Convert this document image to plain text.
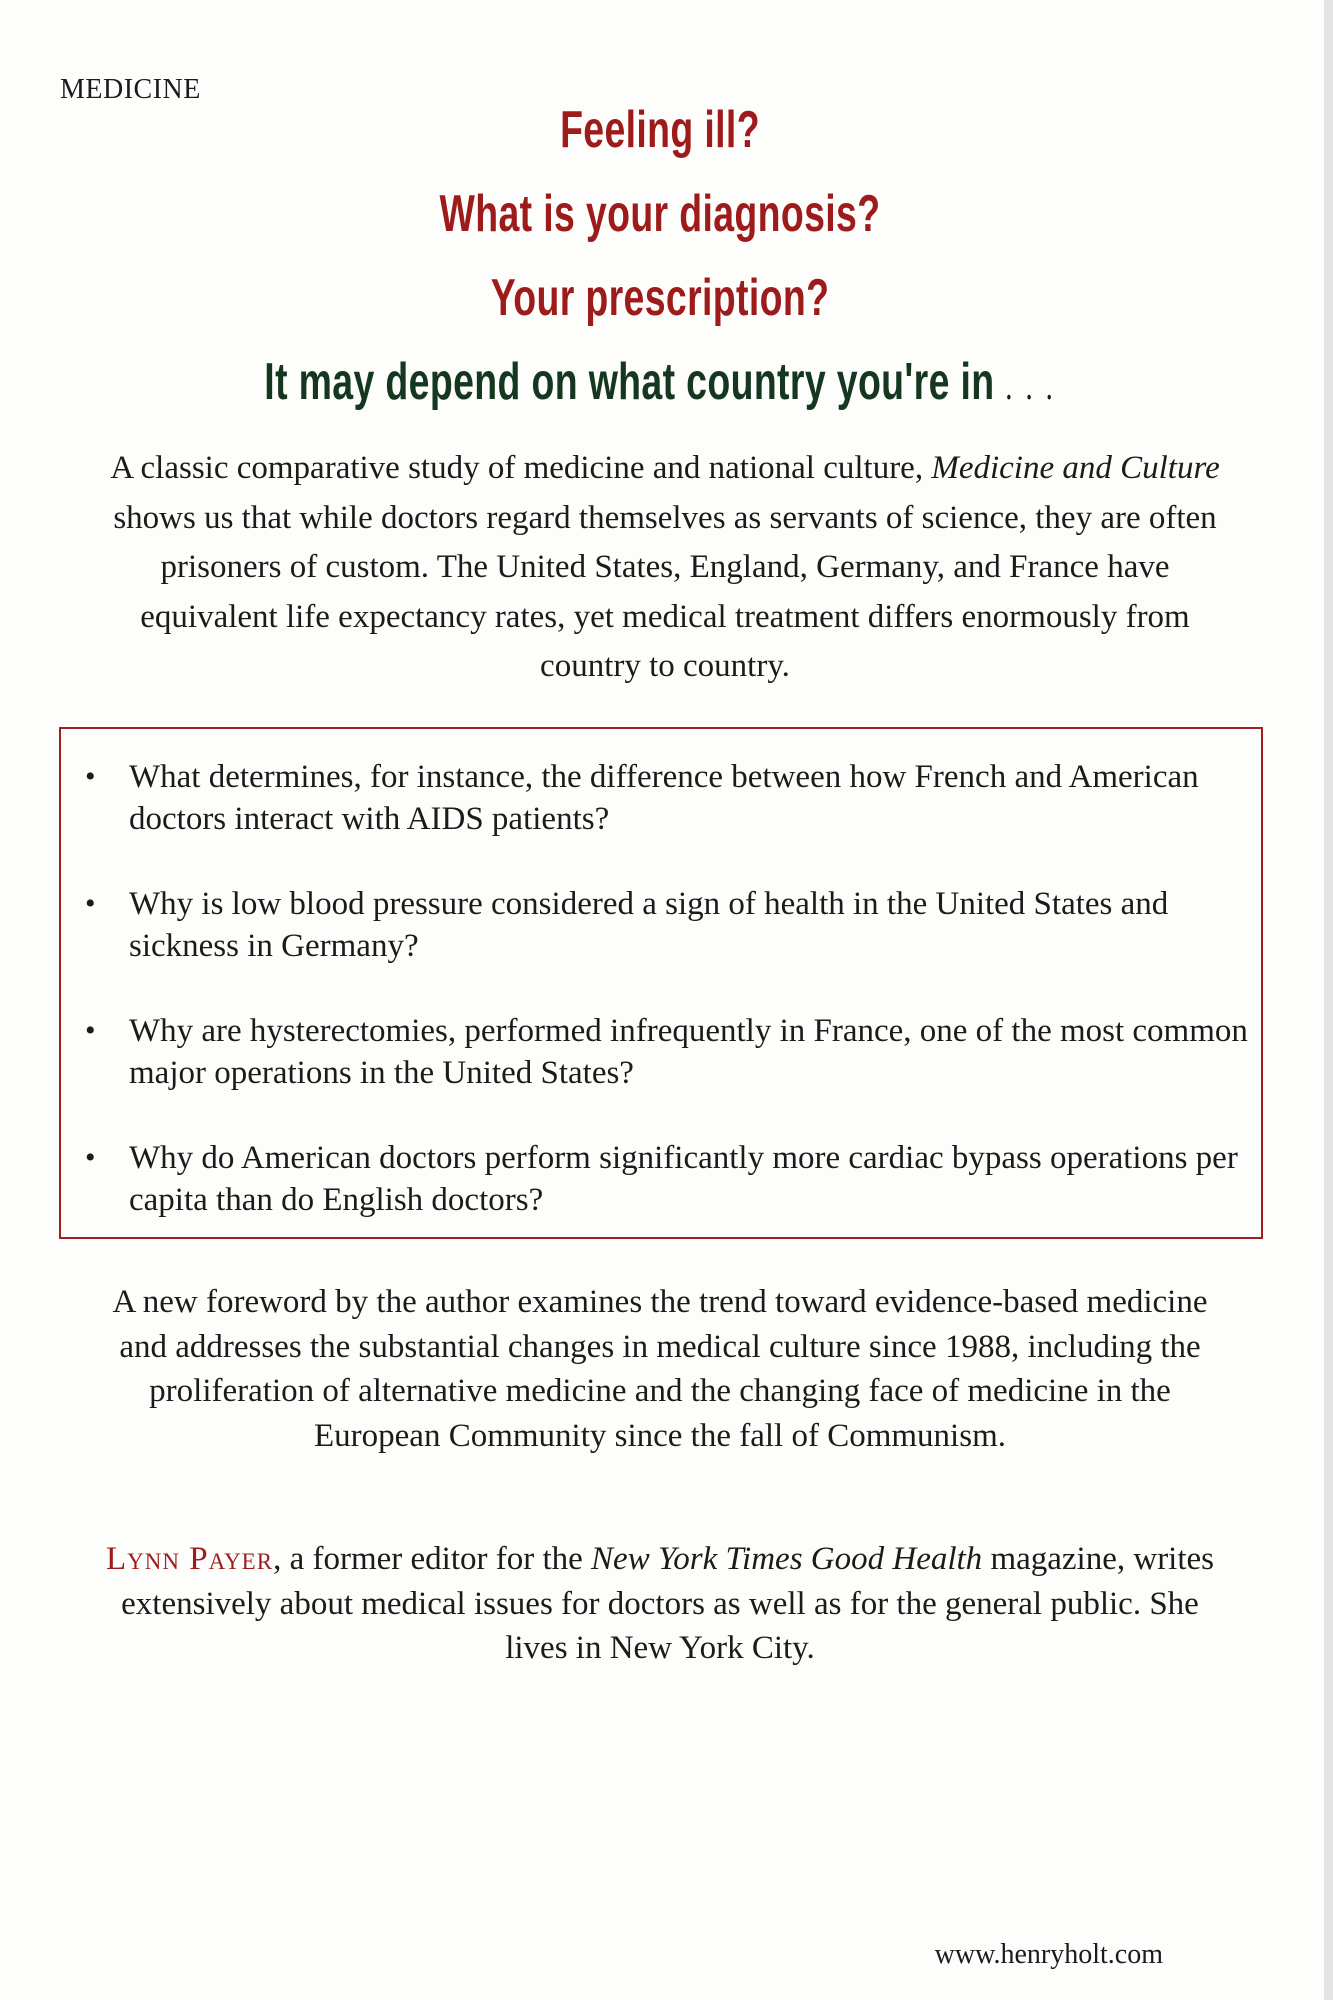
MEDICINE
Feeling ill?
What is your diagnosis?
Your prescription?
It may depend on what country you're in . . .

A classic comparative study of medicine and national culture, Medicine and Culture shows us that while doctors regard themselves as servants of science, they are often prisoners of custom. The United States, England, Germany, and France have equivalent life expectancy rates, yet medical treatment differs enormously from country to country.

• What determines, for instance, the difference between how French and American doctors interact with AIDS patients?
• Why is low blood pressure considered a sign of health in the United States and sickness in Germany?
• Why are hysterectomies, performed infrequently in France, one of the most common major operations in the United States?
• Why do American doctors perform significantly more cardiac bypass operations per capita than do English doctors?

A new foreword by the author examines the trend toward evidence-based medicine and addresses the substantial changes in medical culture since 1988, including the proliferation of alternative medicine and the changing face of medicine in the European Community since the fall of Communism.

Lynn Payer, a former editor for the New York Times Good Health magazine, writes extensively about medical issues for doctors as well as for the general public. She lives in New York City.

www.henryholt.com
